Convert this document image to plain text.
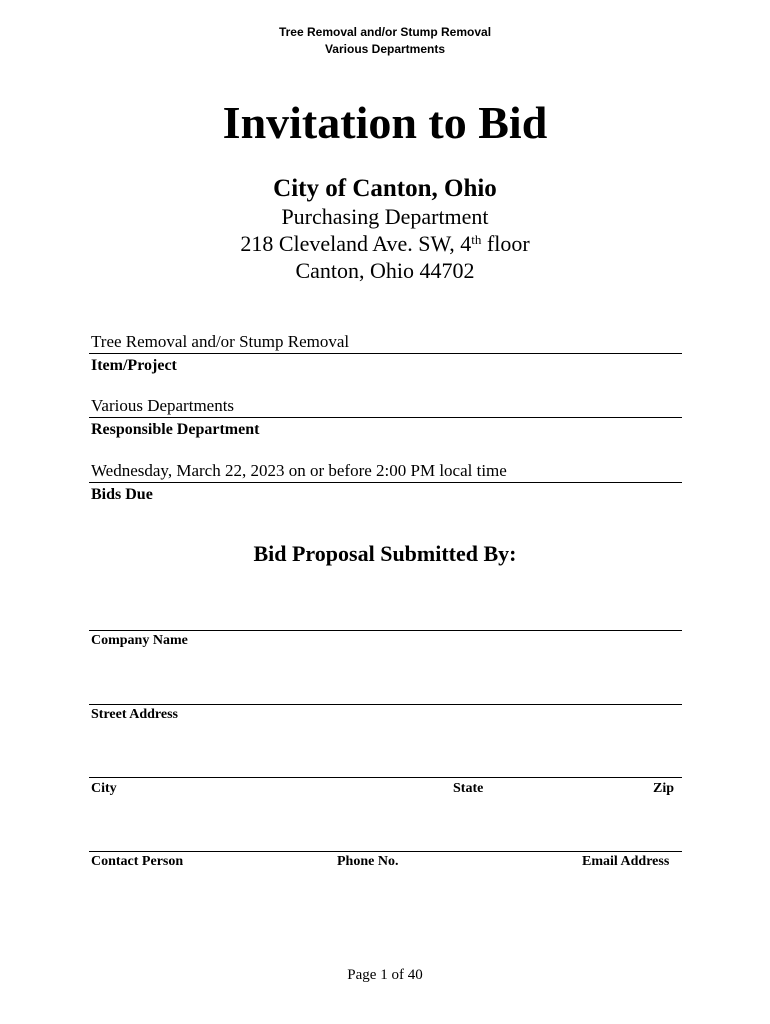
Tree Removal and/or Stump Removal
Various Departments
Invitation to Bid
City of Canton, Ohio
Purchasing Department
218 Cleveland Ave. SW, 4th floor
Canton, Ohio 44702
Tree Removal and/or Stump Removal
Item/Project
Various Departments
Responsible Department
Wednesday, March 22, 2023 on or before 2:00 PM local time
Bids Due
Bid Proposal Submitted By:
Company Name
Street Address
City	State	Zip
Contact Person	Phone No.	Email Address
Page 1 of 40
